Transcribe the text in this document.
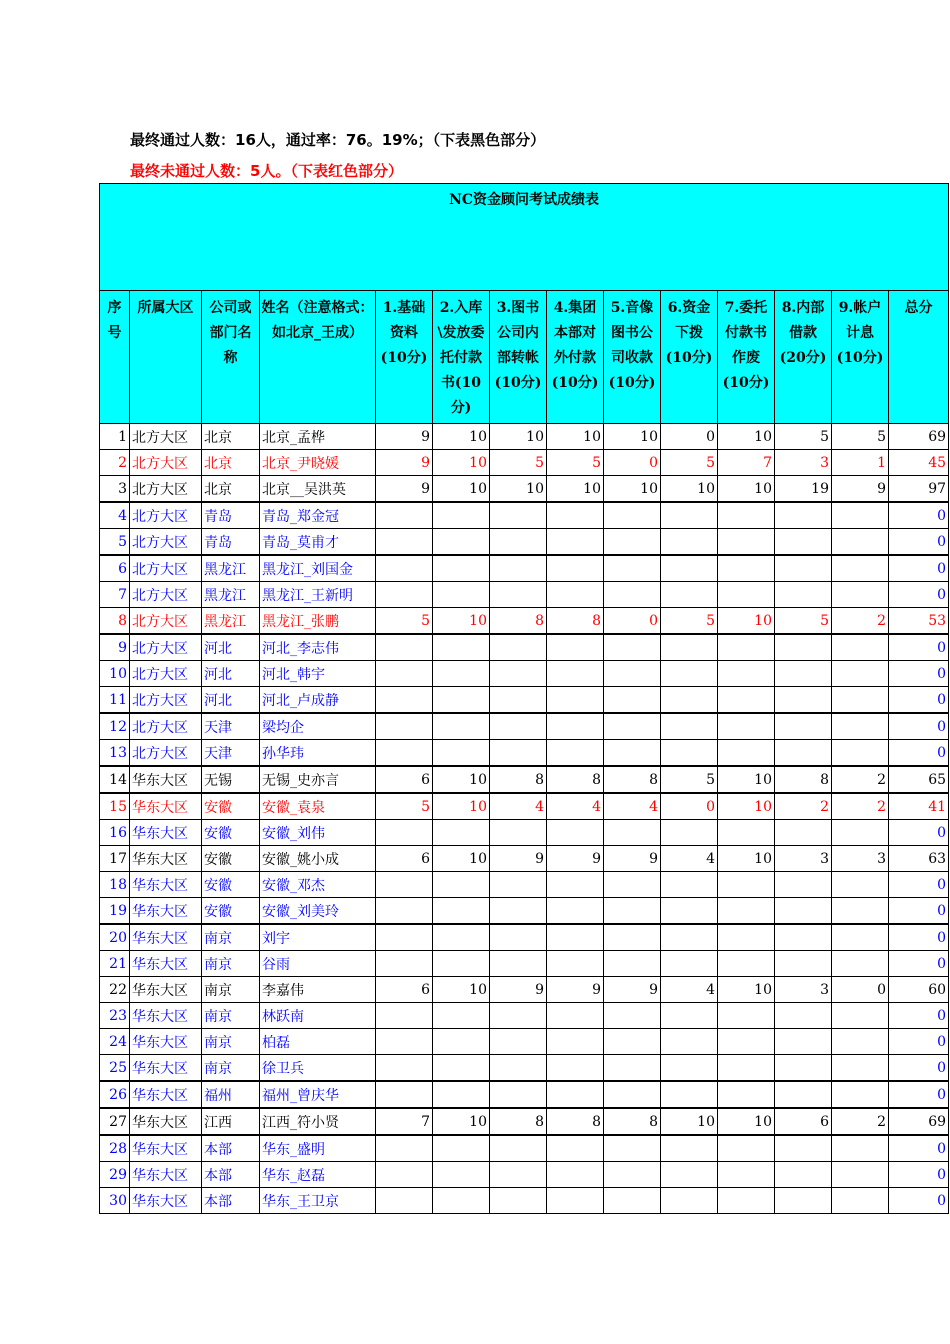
最终通过人数：16人，通过率：76。19%；（下表黑色部分）
最终未通过人数：5人。（下表红色部分）
NC资金顾问考试成绩表													
序号	所属大区	公司或部门名称	姓名（注意格式：如北京_王成）	1.基础资料(10分)	2.入库\发放委托付款书(10分)	3.图书公司内部转帐(10分)	4.集团本部对外付款(10分)	5.音像图书公司收款(10分)	6.资金下拨(10分)	7.委托付款书作废(10分)	8.内部借款(20分)	9.帐户计息(10分)	总分
1	北方大区	北京	北京_孟桦	9	10	10	10	10	0	10	5	5	69
2	北方大区	北京	北京_尹晓媛	9	10	5	5	0	5	7	3	1	45
3	北方大区	北京	北京__吴洪英	9	10	10	10	10	10	10	19	9	97
4	北方大区	青岛	青岛_郑金冠										0
5	北方大区	青岛	青岛_莫甫才										0
6	北方大区	黑龙江	黑龙江_刘国金										0
7	北方大区	黑龙江	黑龙江_王新明										0
8	北方大区	黑龙江	黑龙江_张鹏	5	10	8	8	0	5	10	5	2	53
9	北方大区	河北	河北_李志伟										0
10	北方大区	河北	河北_韩宇										0
11	北方大区	河北	河北_卢成静										0
12	北方大区	天津	梁均企										0
13	北方大区	天津	孙华玮										0
14	华东大区	无锡	无锡_史亦言	6	10	8	8	8	5	10	8	2	65
15	华东大区	安徽	安徽_袁泉	5	10	4	4	4	0	10	2	2	41
16	华东大区	安徽	安徽_刘伟										0
17	华东大区	安徽	安徽_姚小成	6	10	9	9	9	4	10	3	3	63
18	华东大区	安徽	安徽_邓杰										0
19	华东大区	安徽	安徽_刘美玲										0
20	华东大区	南京	刘宇										0
21	华东大区	南京	谷雨										0
22	华东大区	南京	李嘉伟	6	10	9	9	9	4	10	3	0	60
23	华东大区	南京	林跃南										0
24	华东大区	南京	柏磊										0
25	华东大区	南京	徐卫兵										0
26	华东大区	福州	福州_曾庆华										0
27	华东大区	江西	江西_符小贤	7	10	8	8	8	10	10	6	2	69
28	华东大区	本部	华东_盛明										0
29	华东大区	本部	华东_赵磊										0
30	华东大区	本部	华东_王卫京										0
